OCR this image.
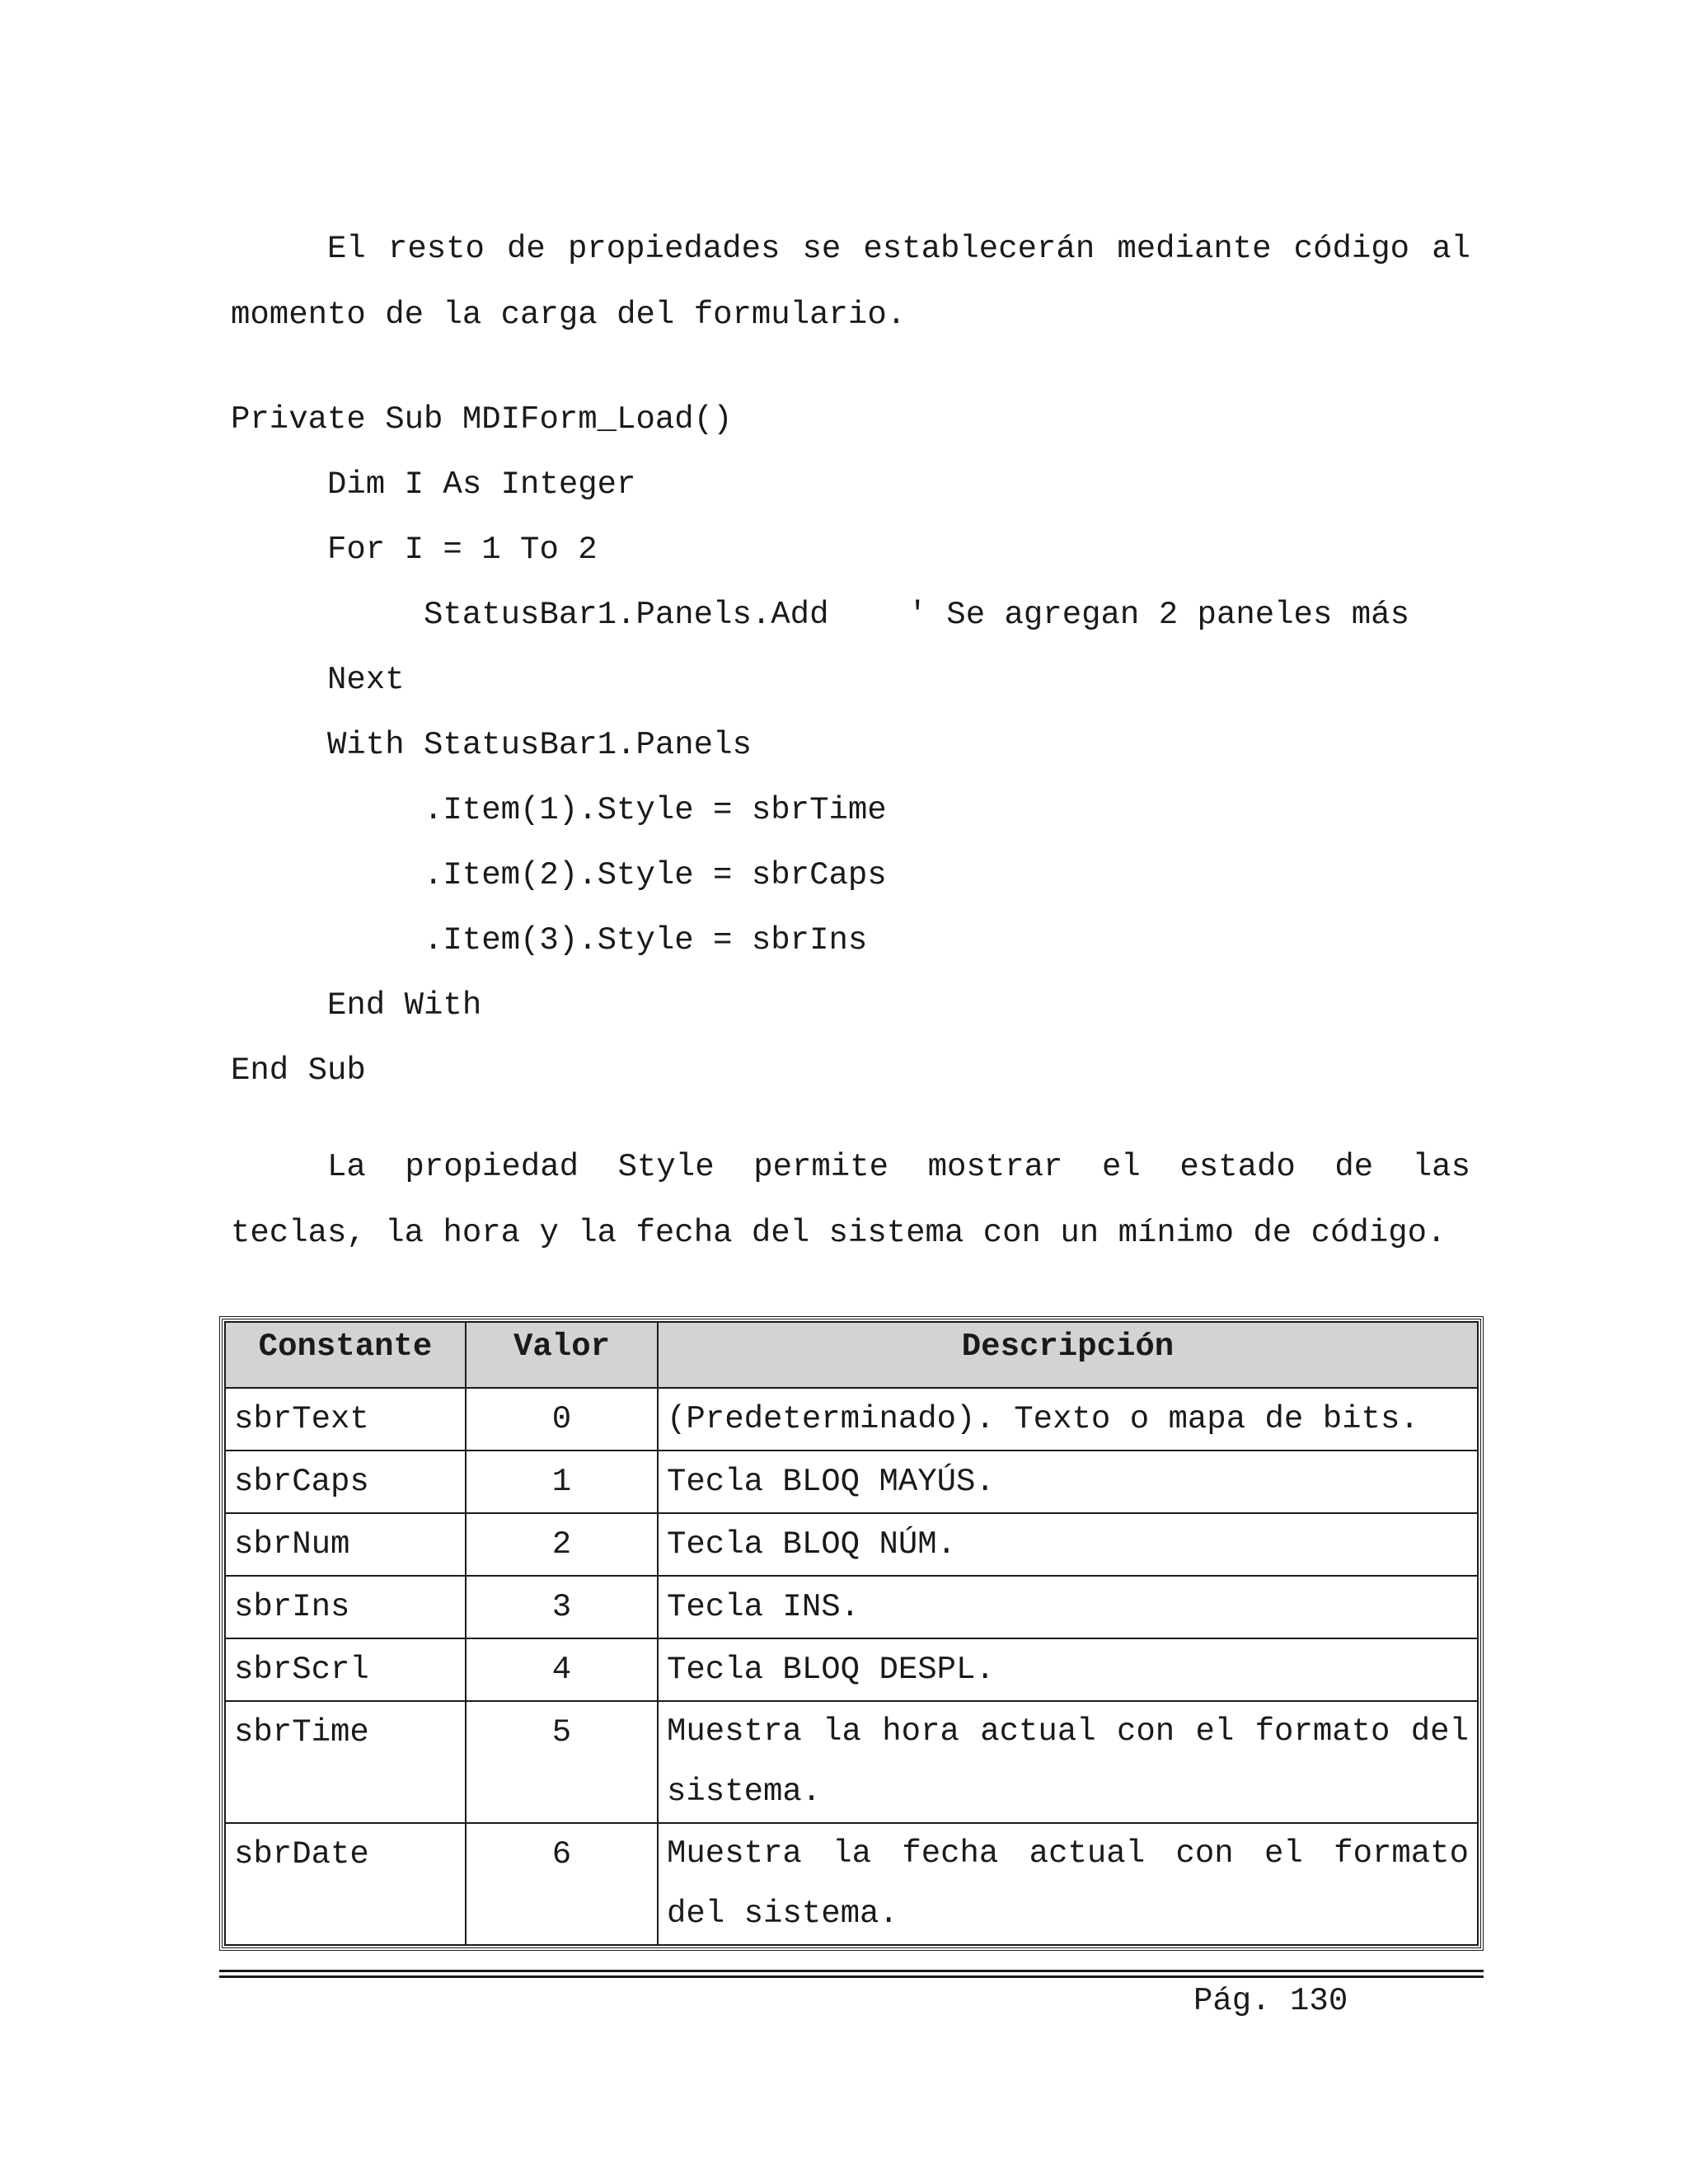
El resto de propiedades se establecerán mediante código al
momento de la carga del formulario.
Private Sub MDIForm_Load()
Dim I As Integer
For I = 1 To 2
StatusBar1.Panels.Add ' Se agregan 2 paneles más
Next
With StatusBar1.Panels
.Item(1).Style = sbrTime
.Item(2).Style = sbrCaps
.Item(3).Style = sbrIns
End With
End Sub
La propiedad Style permite mostrar el estado de las
teclas, la hora y la fecha del sistema con un mínimo de código.
Constante	Valor	Descripción
sbrText	0	(Predeterminado). Texto o mapa de bits.
sbrCaps	1	Tecla BLOQ MAYÚS.
sbrNum	2	Tecla BLOQ NÚM.
sbrIns	3	Tecla INS.
sbrScrl	4	Tecla BLOQ DESPL.
sbrTime	5	Muestra la hora actual con el formato del sistema.
sbrDate	6	Muestra la fecha actual con el formato del sistema.
Pág. 130
